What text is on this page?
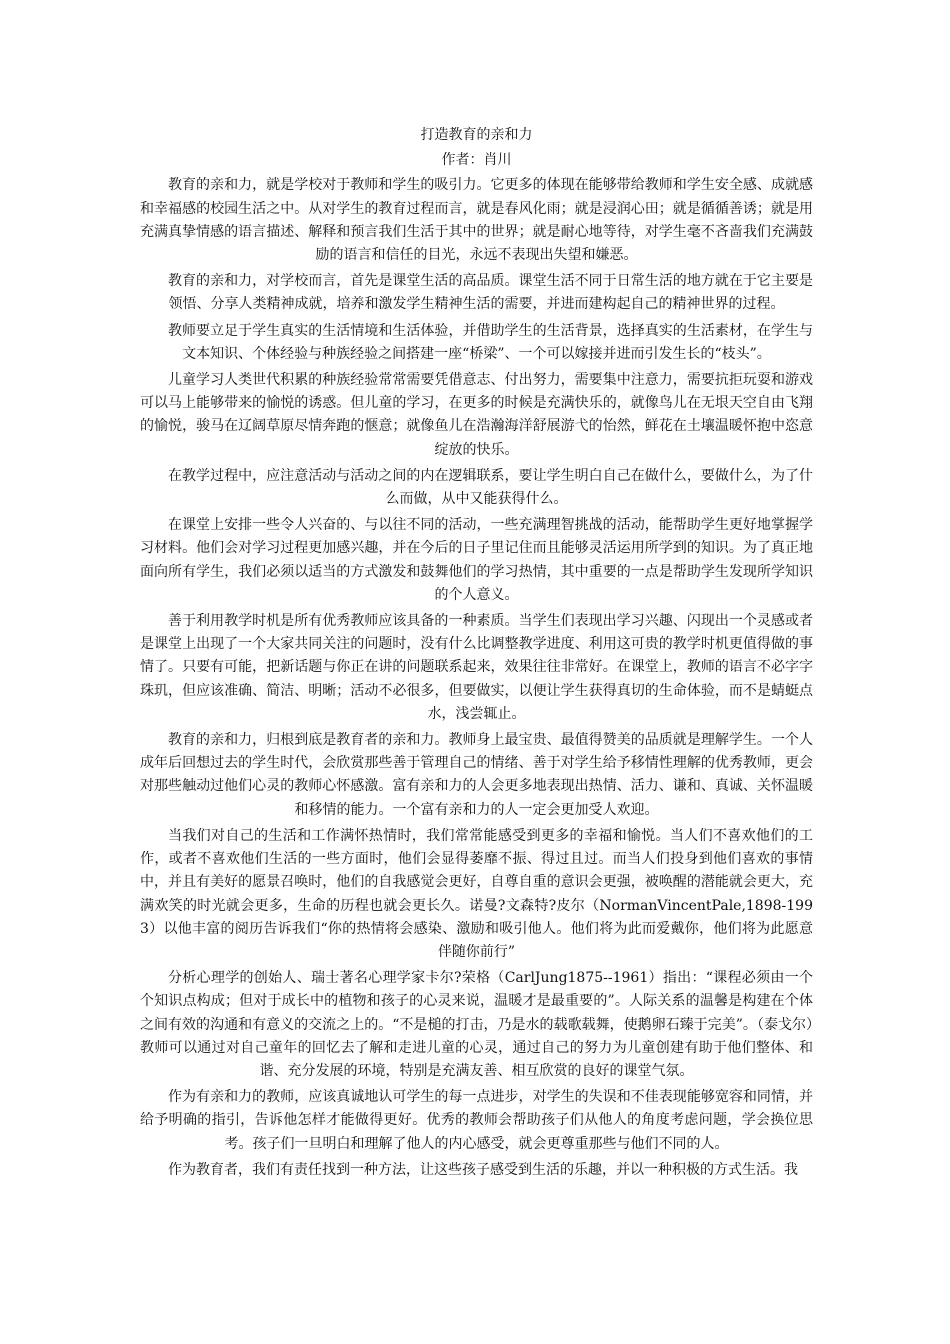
打造教育的亲和力

作者：肖川

教育的亲和力，就是学校对于教师和学生的吸引力。它更多的体现在能够带给教师和学生安全感、成就感和幸福感的校园生活之中。从对学生的教育过程而言，就是春风化雨；就是浸润心田；就是循循善诱；就是用充满真挚情感的语言描述、解释和预言我们生活于其中的世界；就是耐心地等待，对学生毫不吝啬我们充满鼓励的语言和信任的目光，永远不表现出失望和嫌恶。

教育的亲和力，对学校而言，首先是课堂生活的高品质。课堂生活不同于日常生活的地方就在于它主要是领悟、分享人类精神成就，培养和激发学生精神生活的需要，并进而建构起自己的精神世界的过程。

教师要立足于学生真实的生活情境和生活体验，并借助学生的生活背景，选择真实的生活素材，在学生与文本知识、个体经验与种族经验之间搭建一座“桥梁”、一个可以嫁接并进而引发生长的“枝头”。

儿童学习人类世代积累的种族经验常常需要凭借意志、付出努力，需要集中注意力，需要抗拒玩耍和游戏可以马上能够带来的愉悦的诱惑。但儿童的学习，在更多的时候是充满快乐的，就像鸟儿在无垠天空自由飞翔的愉悦，骏马在辽阔草原尽情奔跑的惬意；就像鱼儿在浩瀚海洋舒展游弋的怡然，鲜花在土壤温暖怀抱中恣意绽放的快乐。

在教学过程中，应注意活动与活动之间的内在逻辑联系，要让学生明白自己在做什么，要做什么，为了什么而做，从中又能获得什么。

在课堂上安排一些令人兴奋的、与以往不同的活动，一些充满理智挑战的活动，能帮助学生更好地掌握学习材料。他们会对学习过程更加感兴趣，并在今后的日子里记住而且能够灵活运用所学到的知识。为了真正地面向所有学生，我们必须以适当的方式激发和鼓舞他们的学习热情，其中重要的一点是帮助学生发现所学知识的个人意义。

善于利用教学时机是所有优秀教师应该具备的一种素质。当学生们表现出学习兴趣、闪现出一个灵感或者是课堂上出现了一个大家共同关注的问题时，没有什么比调整教学进度、利用这可贵的教学时机更值得做的事情了。只要有可能，把新话题与你正在讲的问题联系起来，效果往往非常好。在课堂上，教师的语言不必字字珠玑，但应该准确、简洁、明晰；活动不必很多，但要做实，以便让学生获得真切的生命体验，而不是蜻蜓点水，浅尝辄止。

教育的亲和力，归根到底是教育者的亲和力。教师身上最宝贵、最值得赞美的品质就是理解学生。一个人成年后回想过去的学生时代，会欣赏那些善于管理自己的情绪、善于对学生给予移情性理解的优秀教师，更会对那些触动过他们心灵的教师心怀感激。富有亲和力的人会更多地表现出热情、活力、谦和、真诚、关怀温暖和移情的能力。一个富有亲和力的人一定会更加受人欢迎。

当我们对自己的生活和工作满怀热情时，我们常常能感受到更多的幸福和愉悦。当人们不喜欢他们的工作，或者不喜欢他们生活的一些方面时，他们会显得萎靡不振、得过且过。而当人们投身到他们喜欢的事情中，并且有美好的愿景召唤时，他们的自我感觉会更好，自尊自重的意识会更强，被唤醒的潜能就会更大，充满欢笑的时光就会更多，生命的历程也就会更长久。诺曼?文森特?皮尔（NormanVincentPale,1898-1993）以他丰富的阅历告诉我们“你的热情将会感染、激励和吸引他人。他们将为此而爱戴你，他们将为此愿意伴随你前行”

分析心理学的创始人、瑞士著名心理学家卡尔?荣格（CarlJung1875--1961）指出：“课程必须由一个个知识点构成；但对于成长中的植物和孩子的心灵来说，温暖才是最重要的”。人际关系的温馨是构建在个体之间有效的沟通和有意义的交流之上的。“不是槌的打击，乃是水的载歌载舞，使鹅卵石臻于完美”。（泰戈尔）教师可以通过对自己童年的回忆去了解和走进儿童的心灵，通过自己的努力为儿童创建有助于他们整体、和谐、充分发展的环境，特别是充满友善、相互欣赏的良好的课堂气氛。

作为有亲和力的教师，应该真诚地认可学生的每一点进步，对学生的失误和不佳表现能够宽容和同情，并给予明确的指引，告诉他怎样才能做得更好。优秀的教师会帮助孩子们从他人的角度考虑问题，学会换位思考。孩子们一旦明白和理解了他人的内心感受，就会更尊重那些与他们不同的人。

作为教育者，我们有责任找到一种方法，让这些孩子感受到生活的乐趣，并以一种积极的方式生活。我
